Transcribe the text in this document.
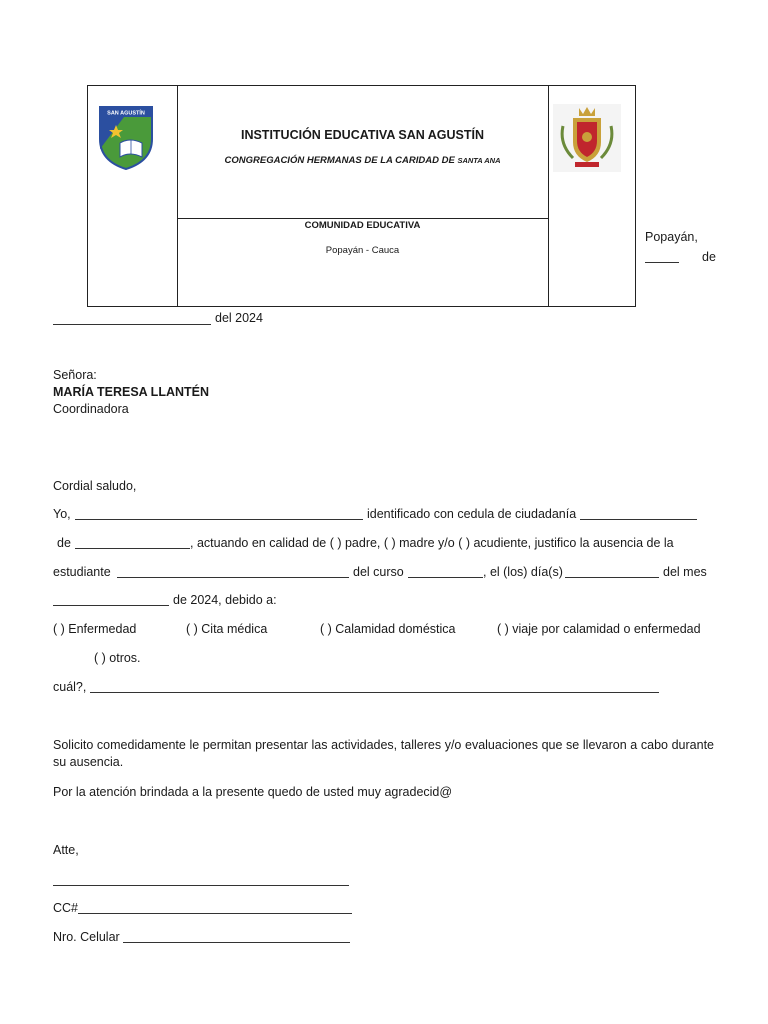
SAN AGUSTÍN
INSTITUCIÓN EDUCATIVA SAN AGUSTÍN
CONGREGACIÓN HERMANAS DE LA CARIDAD DE SANTA ANA
COMUNIDAD EDUCATIVA
Popayán - Cauca
Popayán,
de
del 2024
Señora:
MARÍA TERESA LLANTÉN
Coordinadora
Cordial saludo,
Yo,	identificado con cedula de ciudadanía
de	, actuando en calidad de ( ) padre, ( ) madre y/o ( ) acudiente, justifico la ausencia de la
estudiante	del curso	, el (los) día(s)	del mes
de 2024, debido a:
( ) Enfermedad	( ) Cita médica	( ) Calamidad doméstica	( ) viaje por calamidad o enfermedad
( ) otros.
cuál?,
Solicito comedidamente le permitan presentar las actividades, talleres y/o evaluaciones que se llevaron a cabo durante su ausencia.
Por la atención brindada a la presente quedo de usted muy agradecid@
Atte,
CC#
Nro. Celular
